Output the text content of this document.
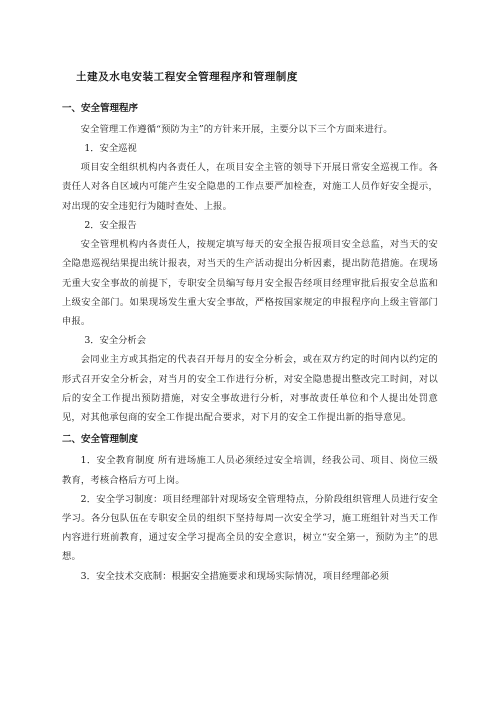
土建及水电安装工程安全管理程序和管理制度
一、安全管理程序

安全管理工作遵循“预防为主”的方针来开展，主要分以下三个方面来进行。

1．安全巡视

项目安全组织机构内各责任人，在项目安全主管的领导下开展日常安全巡视工作。各责任人对各自区域内可能产生安全隐患的工作点要严加检查，对施工人员作好安全提示，对出现的安全违犯行为随时查处、上报。

2．安全报告

安全管理机构内各责任人，按规定填写每天的安全报告报项目安全总监，对当天的安全隐患巡视结果提出统计报表，对当天的生产活动提出分析因素，提出防范措施。在现场无重大安全事故的前提下，专职安全员编写每月安全报告经项目经理审批后报安全总监和上级安全部门。如果现场发生重大安全事故，严格按国家规定的申报程序向上级主管部门申报。

3．安全分析会

会同业主方或其指定的代表召开每月的安全分析会，或在双方约定的时间内以约定的形式召开安全分析会，对当月的安全工作进行分析，对安全隐患提出整改完工时间，对以后的安全工作提出预防措施，对安全事故进行分析，对事故责任单位和个人提出处罚意见，对其他承包商的安全工作提出配合要求，对下月的安全工作提出新的指导意见。

二、安全管理制度

1．安全教育制度 所有进场施工人员必须经过安全培训，经我公司、项目、岗位三级教育，考核合格后方可上岗。

2．安全学习制度：项目经理部针对现场安全管理特点，分阶段组织管理人员进行安全学习。各分包队伍在专职安全员的组织下坚持每周一次安全学习，施工班组针对当天工作内容进行班前教育，通过安全学习提高全员的安全意识，树立“安全第一，预防为主”的思想。

3．安全技术交底制：根据安全措施要求和现场实际情况，项目经理部必须
